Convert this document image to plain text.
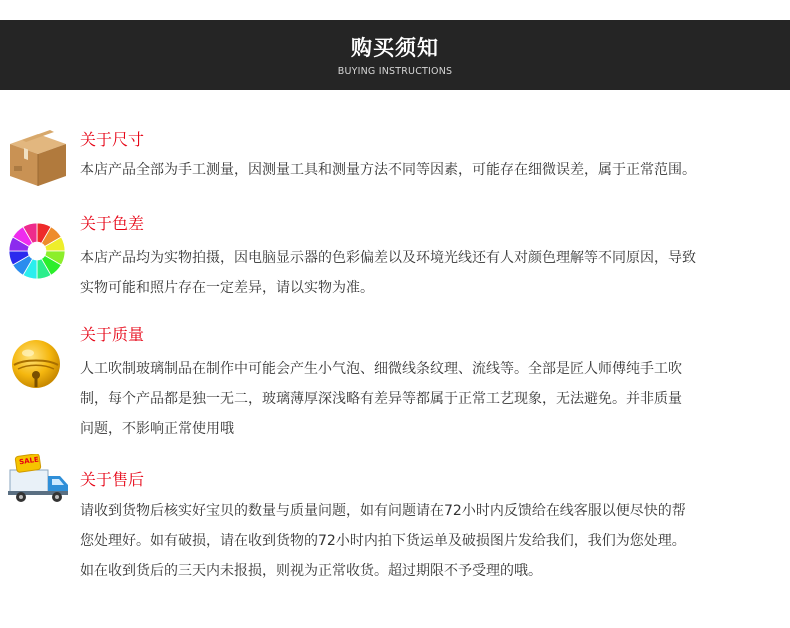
购买须知
BUYING INSTRUCTIONS
关于尺寸
本店产品全部为手工测量，因测量工具和测量方法不同等因素，可能存在细微误差，属于正常范围。
关于色差
本店产品均为实物拍摄，因电脑显示器的色彩偏差以及环境光线还有人对颜色理解等不同原因，导致
实物可能和照片存在一定差异，请以实物为准。
关于质量
人工吹制玻璃制品在制作中可能会产生小气泡、细微线条纹理、流线等。全部是匠人师傅纯手工吹
制，每个产品都是独一无二，玻璃薄厚深浅略有差异等都属于正常工艺现象，无法避免。并非质量
问题，不影响正常使用哦
SALE
关于售后
请收到货物后核实好宝贝的数量与质量问题，如有问题请在72小时内反馈给在线客服以便尽快的帮
您处理好。如有破损，请在收到货物的72小时内拍下货运单及破损图片发给我们，我们为您处理。
如在收到货后的三天内未报损，则视为正常收货。超过期限不予受理的哦。
